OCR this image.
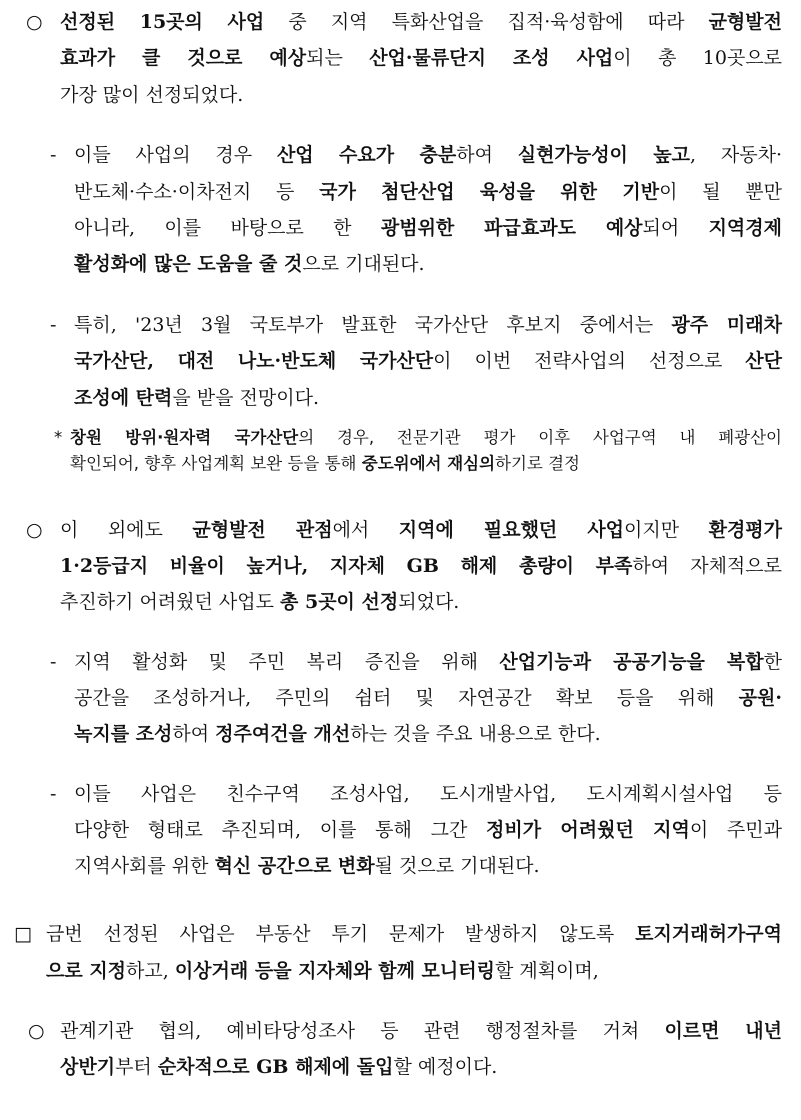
○ 선정된 15곳의 사업 중 지역 특화산업을 집적·육성함에 따라 균형발전
효과가 클 것으로 예상되는 산업·물류단지 조성 사업이 총 10곳으로
가장 많이 선정되었다.
- 이들 사업의 경우 산업 수요가 충분하여 실현가능성이 높고, 자동차·
반도체·수소·이차전지 등 국가 첨단산업 육성을 위한 기반이 될 뿐만
아니라, 이를 바탕으로 한 광범위한 파급효과도 예상되어 지역경제
활성화에 많은 도움을 줄 것으로 기대된다.
- 특히, '23년 3월 국토부가 발표한 국가산단 후보지 중에서는 광주 미래차
국가산단, 대전 나노·반도체 국가산단이 이번 전략사업의 선정으로 산단
조성에 탄력을 받을 전망이다.
* 창원 방위·원자력 국가산단의 경우, 전문기관 평가 이후 사업구역 내 폐광산이
확인되어, 향후 사업계획 보완 등을 통해 중도위에서 재심의하기로 결정
○ 이 외에도 균형발전 관점에서 지역에 필요했던 사업이지만 환경평가
1·2등급지 비율이 높거나, 지자체 GB 해제 총량이 부족하여 자체적으로
추진하기 어려웠던 사업도 총 5곳이 선정되었다.
- 지역 활성화 및 주민 복리 증진을 위해 산업기능과 공공기능을 복합한
공간을 조성하거나, 주민의 쉼터 및 자연공간 확보 등을 위해 공원·
녹지를 조성하여 정주여건을 개선하는 것을 주요 내용으로 한다.
- 이들 사업은 친수구역 조성사업, 도시개발사업, 도시계획시설사업 등
다양한 형태로 추진되며, 이를 통해 그간 정비가 어려웠던 지역이 주민과
지역사회를 위한 혁신 공간으로 변화될 것으로 기대된다.
□ 금번 선정된 사업은 부동산 투기 문제가 발생하지 않도록 토지거래허가구역
으로 지정하고, 이상거래 등을 지자체와 함께 모니터링할 계획이며,
○ 관계기관 협의, 예비타당성조사 등 관련 행정절차를 거쳐 이르면 내년
상반기부터 순차적으로 GB 해제에 돌입할 예정이다.
